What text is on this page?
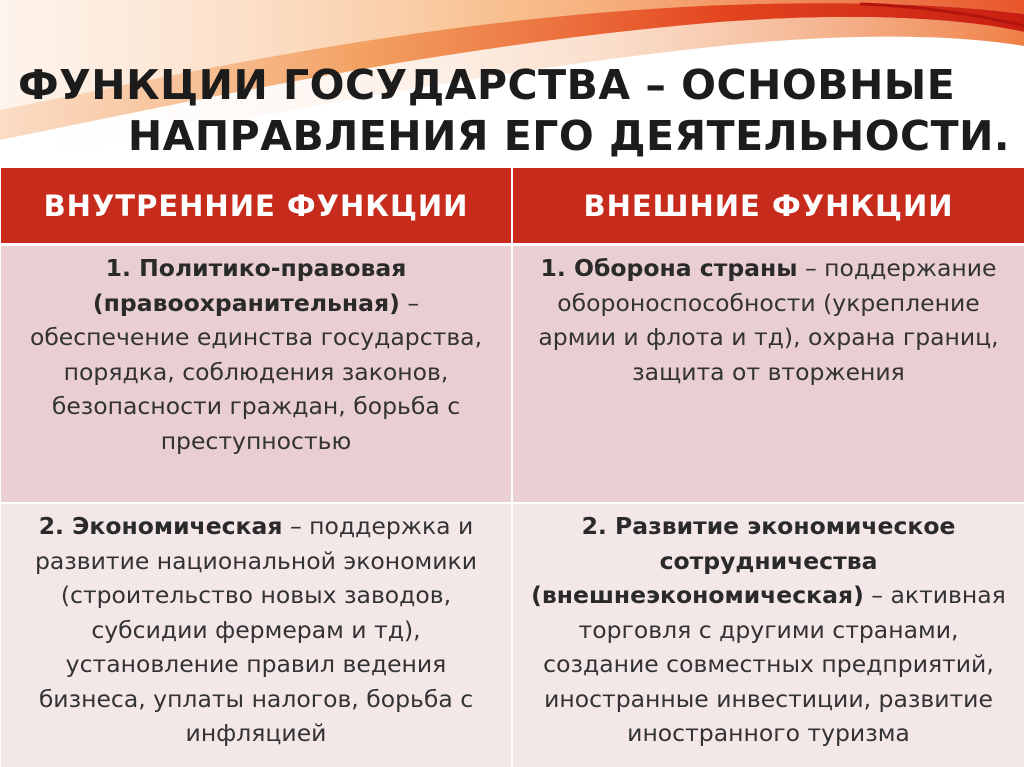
ФУНКЦИИ ГОСУДАРСТВА – ОСНОВНЫЕ
НАПРАВЛЕНИЯ ЕГО ДЕЯТЕЛЬНОСТИ.
ВНУТРЕННИЕ ФУНКЦИИ	ВНЕШНИЕ ФУНКЦИИ
1. Политико-правовая (правоохранительная) – обеспечение единства государства, порядка, соблюдения законов, безопасности граждан, борьба с преступностью	1. Оборона страны – поддержание обороноспособности (укрепление армии и флота и тд), охрана границ, защита от вторжения
2. Экономическая – поддержка и развитие национальной экономики (строительство новых заводов, субсидии фермерам и тд), установление правил ведения бизнеса, уплаты налогов, борьба с инфляцией	2. Развитие экономическое сотрудничества (внешнеэкономическая) – активная торговля с другими странами, создание совместных предприятий, иностранные инвестиции, развитие иностранного туризма
